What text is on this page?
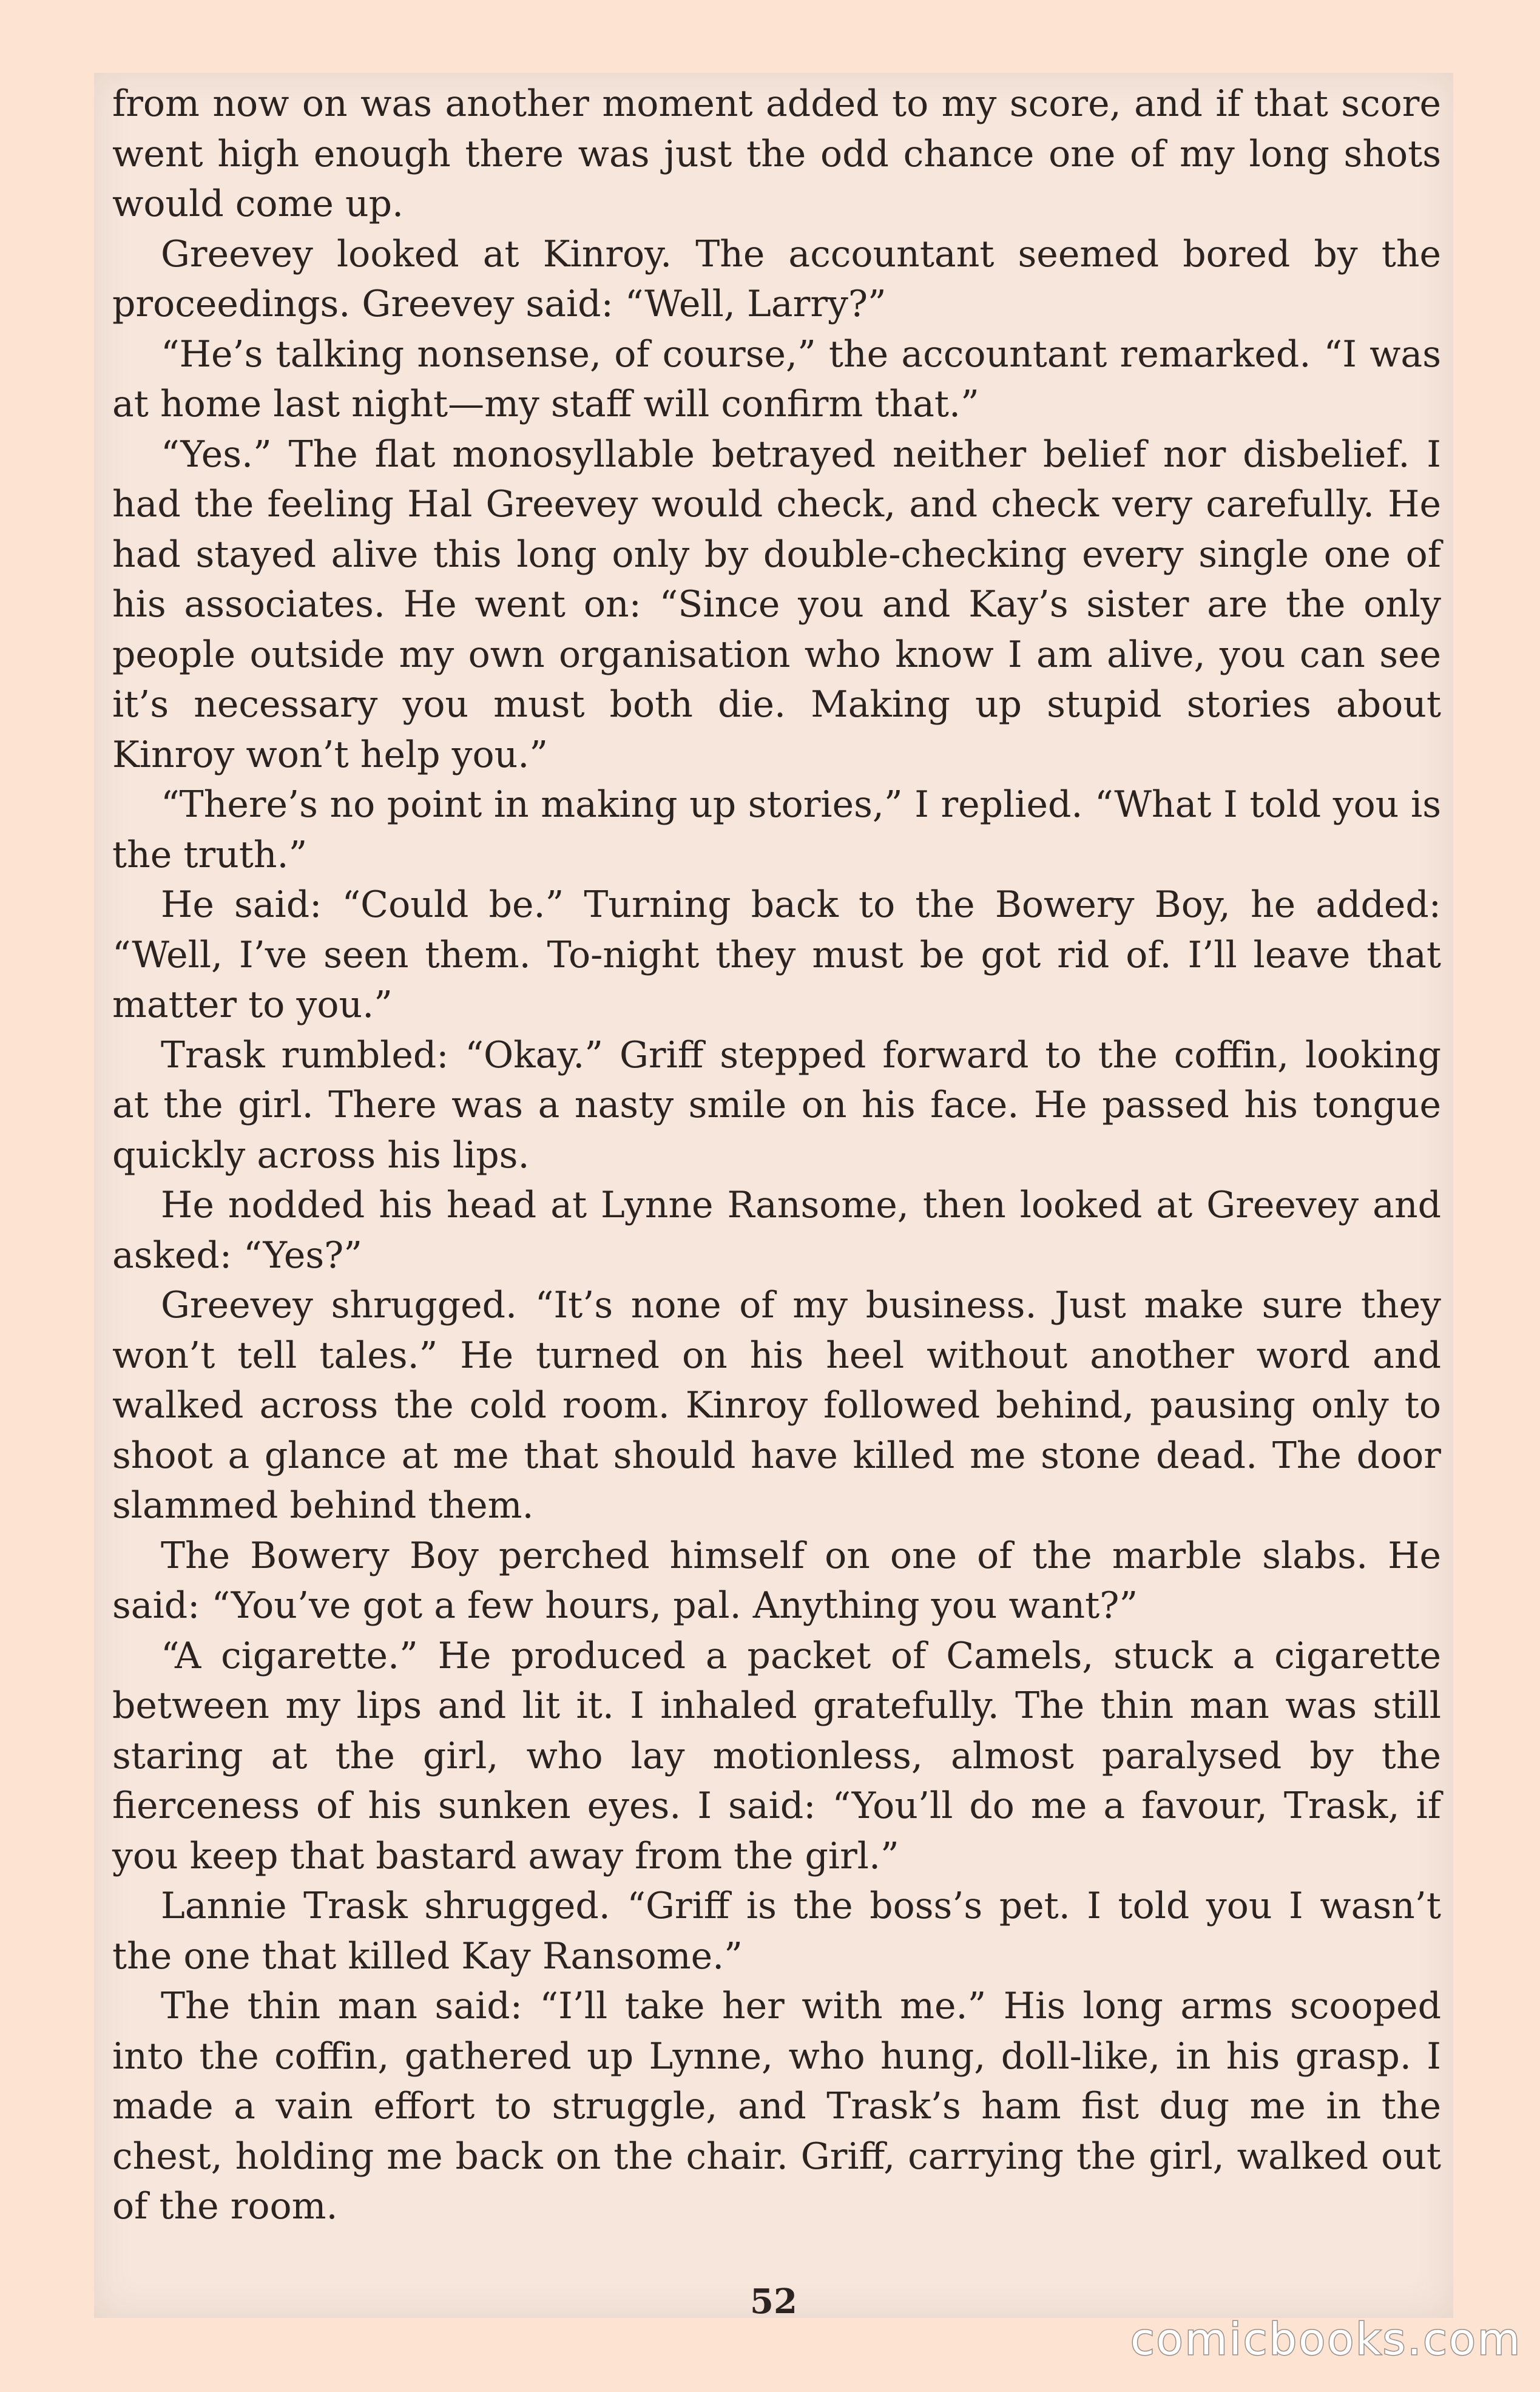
from now on was another moment added to my score, and if that score went high enough there was just the odd chance one of my long shots would come up.

Greevey looked at Kinroy. The accountant seemed bored by the proceedings. Greevey said: “Well, Larry?”

“He’s talking nonsense, of course,” the accountant remarked. “I was at home last night—my staff will confirm that.”

“Yes.” The flat monosyllable betrayed neither belief nor disbelief. I had the feeling Hal Greevey would check, and check very carefully. He had stayed alive this long only by double-checking every single one of his associates. He went on: “Since you and Kay’s sister are the only people outside my own organisation who know I am alive, you can see it’s necessary you must both die. Making up stupid stories about Kinroy won’t help you.”

“There’s no point in making up stories,” I replied. “What I told you is the truth.”

He said: “Could be.” Turning back to the Bowery Boy, he added: “Well, I’ve seen them. To-night they must be got rid of. I’ll leave that matter to you.”

Trask rumbled: “Okay.” Griff stepped forward to the coffin, looking at the girl. There was a nasty smile on his face. He passed his tongue quickly across his lips.

He nodded his head at Lynne Ransome, then looked at Greevey and asked: “Yes?”

Greevey shrugged. “It’s none of my business. Just make sure they won’t tell tales.” He turned on his heel without another word and walked across the cold room. Kinroy followed behind, pausing only to shoot a glance at me that should have killed me stone dead. The door slammed behind them.

The Bowery Boy perched himself on one of the marble slabs. He said: “You’ve got a few hours, pal. Anything you want?”

“A cigarette.” He produced a packet of Camels, stuck a cigarette between my lips and lit it. I inhaled gratefully. The thin man was still staring at the girl, who lay motionless, almost paralysed by the fierceness of his sunken eyes. I said: “You’ll do me a favour, Trask, if you keep that bastard away from the girl.”

Lannie Trask shrugged. “Griff is the boss’s pet. I told you I wasn’t the one that killed Kay Ransome.”

The thin man said: “I’ll take her with me.” His long arms scooped into the coffin, gathered up Lynne, who hung, doll-like, in his grasp. I made a vain effort to struggle, and Trask’s ham fist dug me in the chest, holding me back on the chair. Griff, carrying the girl, walked out of the room.

52
comicbooks.com
